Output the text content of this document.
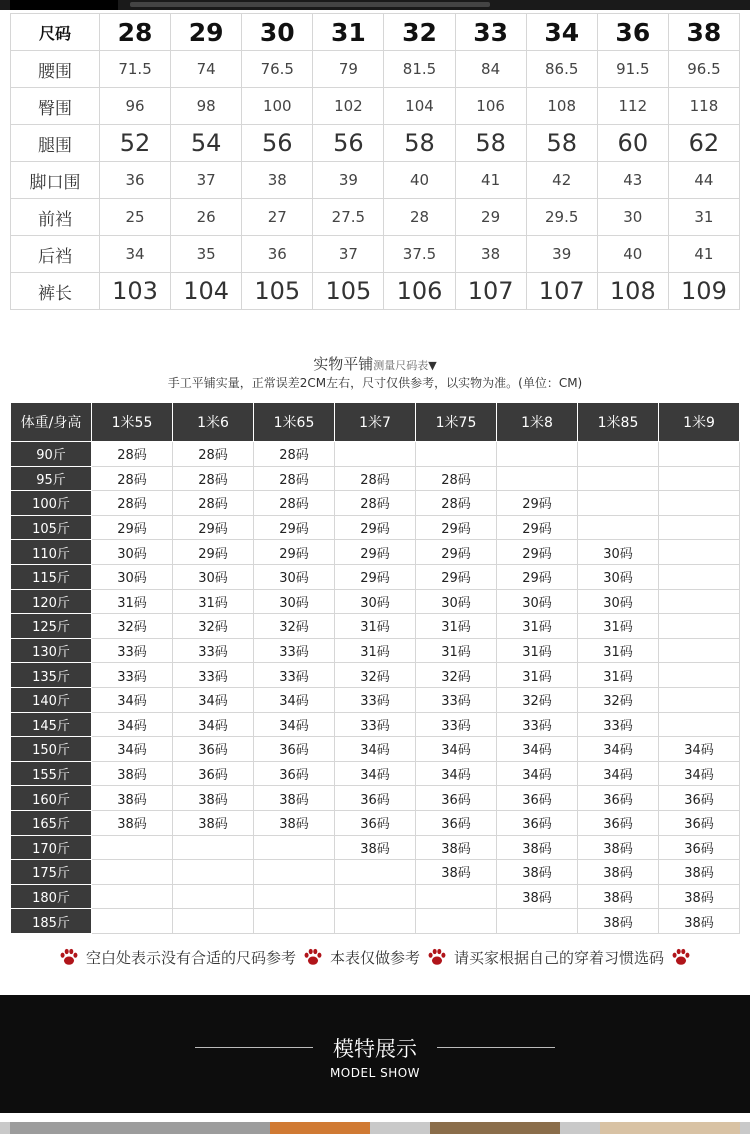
尺码	28	29	30	31	32	33	34	36	38
腰围	71.5	74	76.5	79	81.5	84	86.5	91.5	96.5
臀围	96	98	100	102	104	106	108	112	118
腿围	52	54	56	56	58	58	58	60	62
脚口围	36	37	38	39	40	41	42	43	44
前裆	25	26	27	27.5	28	29	29.5	30	31
后裆	34	35	36	37	37.5	38	39	40	41
裤长	103	104	105	105	106	107	107	108	109
实物平铺测量尺码表▼
手工平铺实量，正常误差2CM左右，尺寸仅供参考，以实物为准。(单位：CM)
体重/身高	1米55	1米6	1米65	1米7	1米75	1米8	1米85	1米9
90斤	28码	28码	28码					
95斤	28码	28码	28码	28码	28码			
100斤	28码	28码	28码	28码	28码	29码		
105斤	29码	29码	29码	29码	29码	29码		
110斤	30码	29码	29码	29码	29码	29码	30码	
115斤	30码	30码	30码	29码	29码	29码	30码	
120斤	31码	31码	30码	30码	30码	30码	30码	
125斤	32码	32码	32码	31码	31码	31码	31码	
130斤	33码	33码	33码	31码	31码	31码	31码	
135斤	33码	33码	33码	32码	32码	31码	31码	
140斤	34码	34码	34码	33码	33码	32码	32码	
145斤	34码	34码	34码	33码	33码	33码	33码	
150斤	34码	36码	36码	34码	34码	34码	34码	34码
155斤	38码	36码	36码	34码	34码	34码	34码	34码
160斤	38码	38码	38码	36码	36码	36码	36码	36码
165斤	38码	38码	38码	36码	36码	36码	36码	36码
170斤				38码	38码	38码	38码	36码
175斤					38码	38码	38码	38码
180斤						38码	38码	38码
185斤							38码	38码
空白处表示没有合适的尺码参考 本表仅做参考 请买家根据自己的穿着习惯选码
模特展示
MODEL SHOW
